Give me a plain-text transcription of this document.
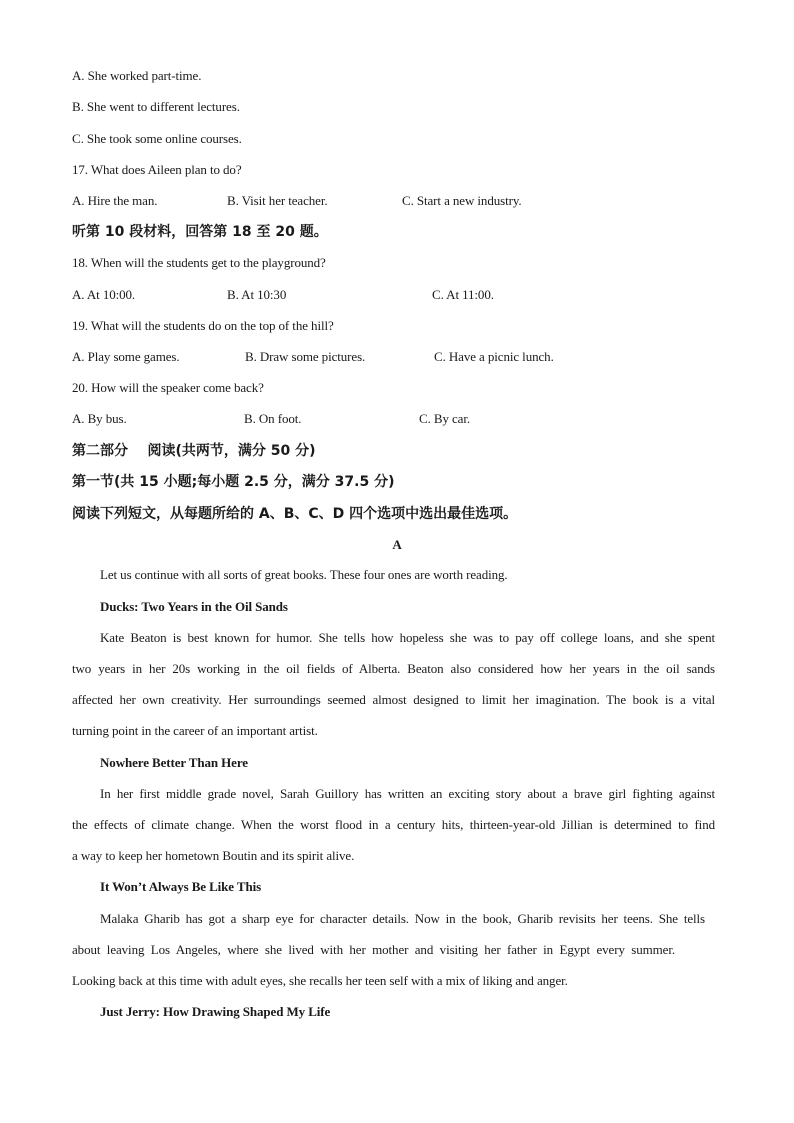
A. She worked part-time.
B. She went to different lectures.
C. She took some online courses.
17. What does Aileen plan to do?
A. Hire the man.	B. Visit her teacher.	C. Start a new industry.
听第 10 段材料，回答第 18 至 20 题。
18. When will the students get to the playground?
A. At 10:00.	B. At 10:30	C. At 11:00.
19. What will the students do on the top of the hill?
A. Play some games.	B. Draw some pictures.	C. Have a picnic lunch.
20. How will the speaker come back?
A. By bus.	B. On foot.	C. By car.
第二部分    阅读(共两节，满分 50 分)
第一节(共 15 小题;每小题 2.5 分，满分 37.5 分)
阅读下列短文，从每题所给的 A、B、C、D 四个选项中选出最佳选项。
A
Let us continue with all sorts of great books. These four ones are worth reading.
Ducks: Two Years in the Oil Sands
Kate Beaton is best known for humor. She tells how hopeless she was to pay off college loans, and she spent
two years in her 20s working in the oil fields of Alberta. Beaton also considered how her years in the oil sands
affected her own creativity. Her surroundings seemed almost designed to limit her imagination. The book is a vital
turning point in the career of an important artist.
Nowhere Better Than Here
In her first middle grade novel, Sarah Guillory has written an exciting story about a brave girl fighting against
the effects of climate change. When the worst flood in a century hits, thirteen-year-old Jillian is determined to find
a way to keep her hometown Boutin and its spirit alive.
It Won’t Always Be Like This
Malaka Gharib has got a sharp eye for character details. Now in the book, Gharib revisits her teens. She tells
about leaving Los Angeles, where she lived with her mother and visiting her father in Egypt every summer.
Looking back at this time with adult eyes, she recalls her teen self with a mix of liking and anger.
Just Jerry: How Drawing Shaped My Life
